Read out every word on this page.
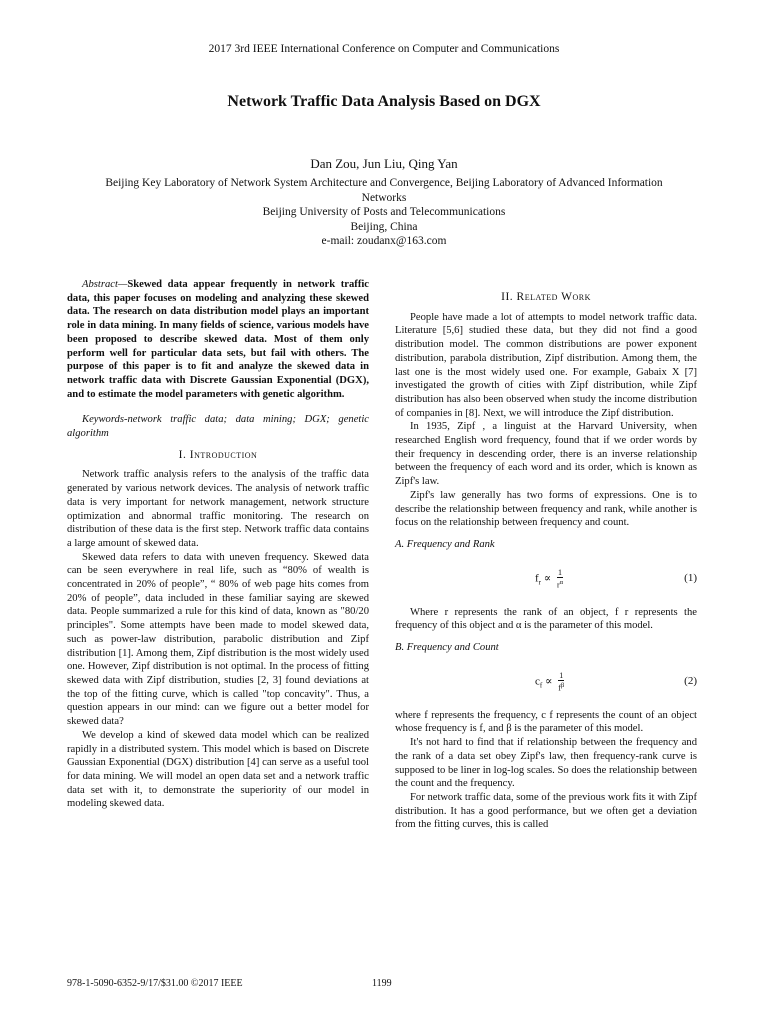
2017 3rd IEEE International Conference on Computer and Communications
Network Traffic Data Analysis Based on DGX
Dan Zou, Jun Liu, Qing Yan
Beijing Key Laboratory of Network System Architecture and Convergence, Beijing Laboratory of Advanced Information
Networks
Beijing University of Posts and Telecommunications
Beijing, China
e-mail: zoudanx@163.com

Abstract—Skewed data appear frequently in network traffic data, this paper focuses on modeling and analyzing these skewed data. The research on data distribution model plays an important role in data mining. In many fields of science, various models have been proposed to describe skewed data. Most of them only perform well for particular data sets, but fail with others. The purpose of this paper is to fit and analyze the skewed data in network traffic data with Discrete Gaussian Exponential (DGX), and to estimate the model parameters with genetic algorithm.

Keywords-network traffic data; data mining; DGX; genetic algorithm

I. Introduction

Network traffic analysis refers to the analysis of the traffic data generated by various network devices. The analysis of network traffic data is very important for network management, network structure optimization and abnormal traffic monitoring. The research on distribution of these data is the first step. Network traffic data contains a large amount of skewed data.

Skewed data refers to data with uneven frequency. Skewed data can be seen everywhere in real life, such as “80% of wealth is concentrated in 20% of people”, “ 80% of web page hits comes from 20% of people”, data included in these familiar saying are skewed data. People summarized a rule for this kind of data, known as "80/20 principles". Some attempts have been made to model skewed data, such as power-law distribution, parabolic distribution and Zipf distribution [1]. Among them, Zipf distribution is the most widely used one. However, Zipf distribution is not optimal. In the process of fitting skewed data with Zipf distribution, studies [2, 3] found deviations at the top of the fitting curve, which is called "top concavity". Thus, a question appears in our mind: can we figure out a better model for skewed data?

We develop a kind of skewed data model which can be realized rapidly in a distributed system. This model which is based on Discrete Gaussian Exponential (DGX) distribution [4] can serve as a useful tool for data mining. We will model an open data set and a network traffic data set with it, to demonstrate the superiority of our model in modeling skewed data.

II. Related Work

People have made a lot of attempts to model network traffic data. Literature [5,6] studied these data, but they did not find a good distribution model. The common distributions are power exponent distribution, parabola distribution, Zipf distribution. Among them, the last one is the most widely used one. For example, Gabaix X [7] investigated the growth of cities with Zipf distribution, while Zipf distribution has also been observed when study the income distribution of companies in [8]. Next, we will introduce the Zipf distribution.

In 1935, Zipf , a linguist at the Harvard University, when researched English word frequency, found that if we order words by their frequency in descending order, there is an inverse relationship between the frequency of each word and its order, which is known as Zipf's law.

Zipf's law generally has two forms of expressions. One is to describe the relationship between frequency and rank, while another is focus on the relationship between frequency and count.

A. Frequency and Rank
$f_r \propto \frac{1}{r^\alpha}$	(1)

Where r represents the rank of an object, f r represents the frequency of this object and α is the parameter of this model.

B. Frequency and Count
$c_f \propto \frac{1}{f^\beta}$	(2)

where f represents the frequency, c f represents the count of an object whose frequency is f, and β is the parameter of this model.

It's not hard to find that if relationship between the frequency and the rank of a data set obey Zipf's law, then frequency-rank curve is supposed to be liner in log-log scales. So does the relationship between the count and the frequency.

For network traffic data, some of the previous work fits it with Zipf distribution. It has a good performance, but we often get a deviation from the fitting curves, this is called

978-1-5090-6352-9/17/$31.00 ©2017 IEEE	1199
